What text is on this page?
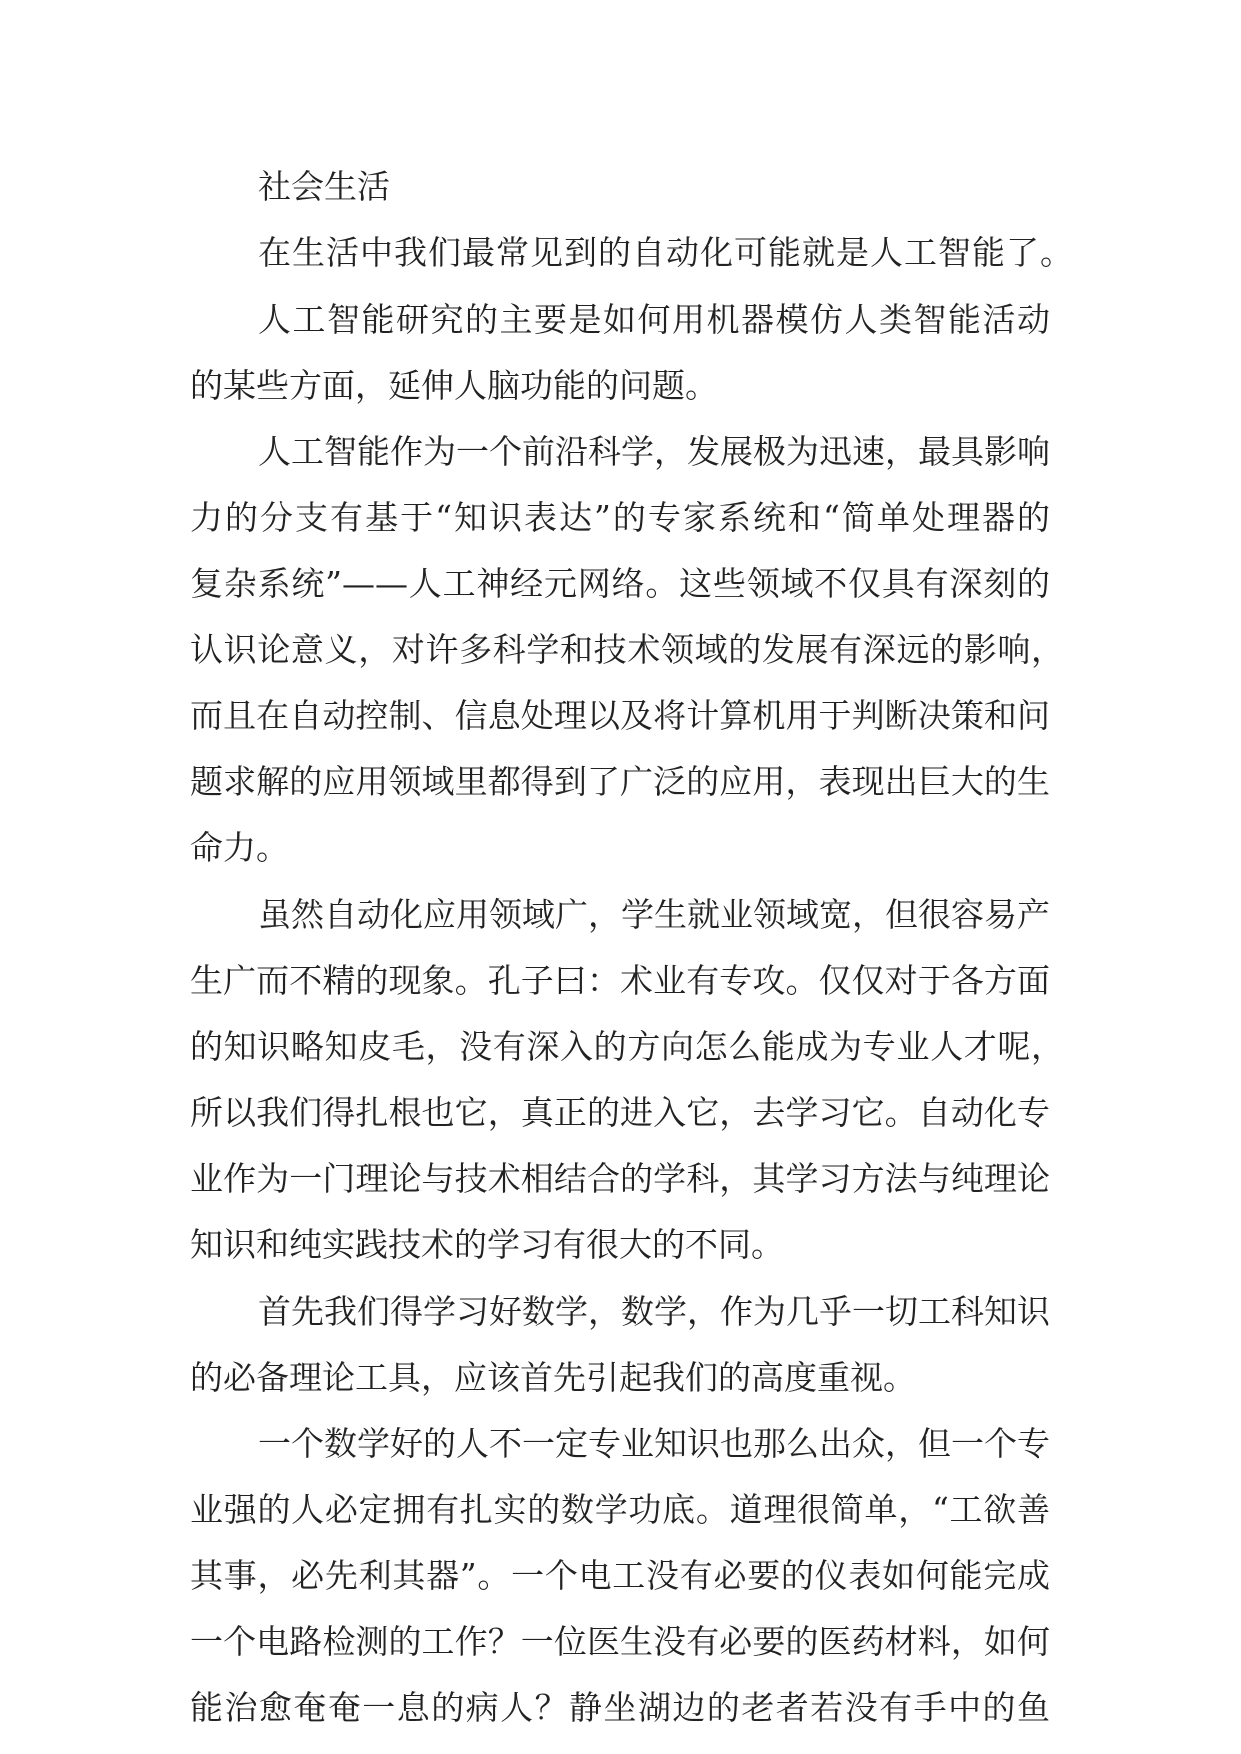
社会生活
在生活中我们最常见到的自动化可能就是人工智能了。
人工智能研究的主要是如何用机器模仿人类智能活动
的某些方面，延伸人脑功能的问题。
人工智能作为一个前沿科学，发展极为迅速，最具影响
力的分支有基于“知识表达”的专家系统和“简单处理器的
复杂系统”——人工神经元网络。这些领域不仅具有深刻的
认识论意义，对许多科学和技术领域的发展有深远的影响，
而且在自动控制、信息处理以及将计算机用于判断决策和问
题求解的应用领域里都得到了广泛的应用，表现出巨大的生
命力。
虽然自动化应用领域广，学生就业领域宽，但很容易产
生广而不精的现象。孔子曰：术业有专攻。仅仅对于各方面
的知识略知皮毛，没有深入的方向怎么能成为专业人才呢，
所以我们得扎根也它，真正的进入它，去学习它。自动化专
业作为一门理论与技术相结合的学科，其学习方法与纯理论
知识和纯实践技术的学习有很大的不同。
首先我们得学习好数学，数学，作为几乎一切工科知识
的必备理论工具，应该首先引起我们的高度重视。
一个数学好的人不一定专业知识也那么出众，但一个专
业强的人必定拥有扎实的数学功底。道理很简单，“工欲善
其事，必先利其器”。一个电工没有必要的仪表如何能完成
一个电路检测的工作？一位医生没有必要的医药材料，如何
能治愈奄奄一息的病人？静坐湖边的老者若没有手中的鱼
